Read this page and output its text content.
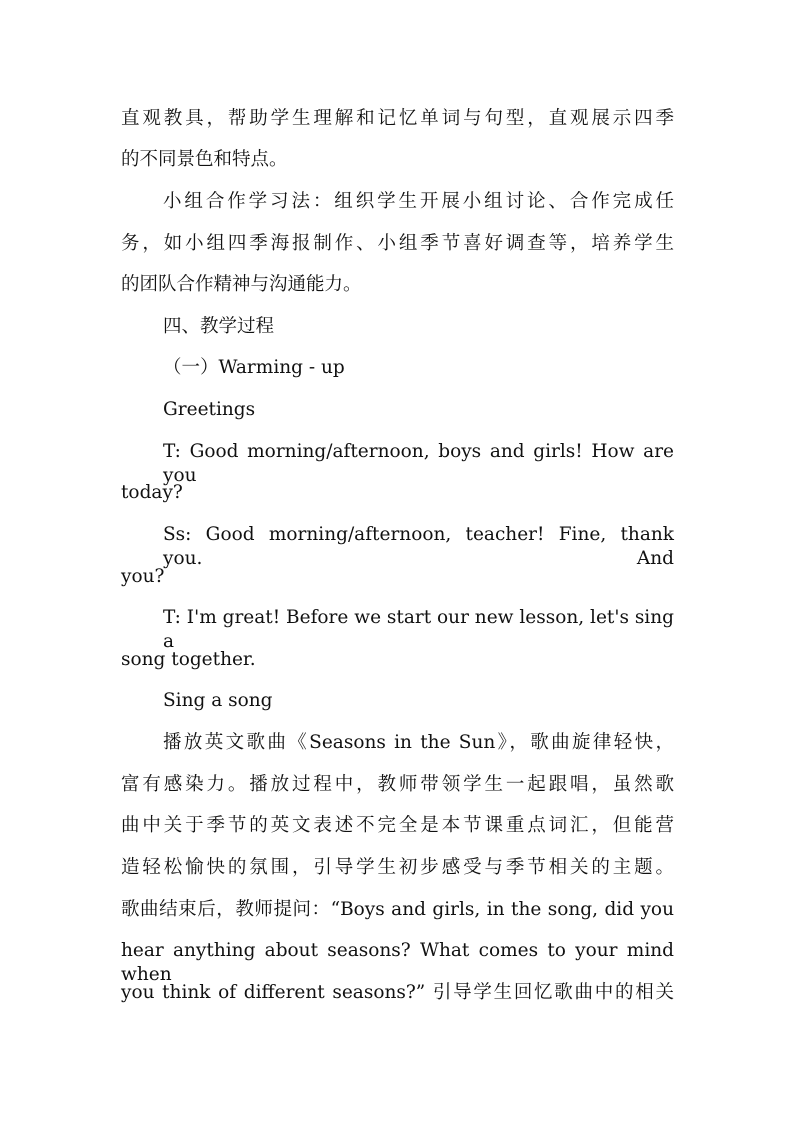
直观教具，帮助学生理解和记忆单词与句型，直观展示四季

的不同景色和特点。

小组合作学习法：组织学生开展小组讨论、合作完成任

务，如小组四季海报制作、小组季节喜好调查等，培养学生

的团队合作精神与沟通能力。

四、教学过程

（一）Warming - up

Greetings

T: Good morning/afternoon, boys and girls! How are you

today?

Ss: Good morning/afternoon, teacher! Fine, thank you. And

you?

T: I'm great! Before we start our new lesson, let's sing a

song together.

Sing a song

播放英文歌曲《Seasons in the Sun》，歌曲旋律轻快，

富有感染力。播放过程中，教师带领学生一起跟唱，虽然歌

曲中关于季节的英文表述不完全是本节课重点词汇，但能营

造轻松愉快的氛围，引导学生初步感受与季节相关的主题。

歌曲结束后，教师提问：“Boys and girls, in the song, did you

hear anything about seasons? What comes to your mind when

you think of different seasons?” 引导学生回忆歌曲中的相关
